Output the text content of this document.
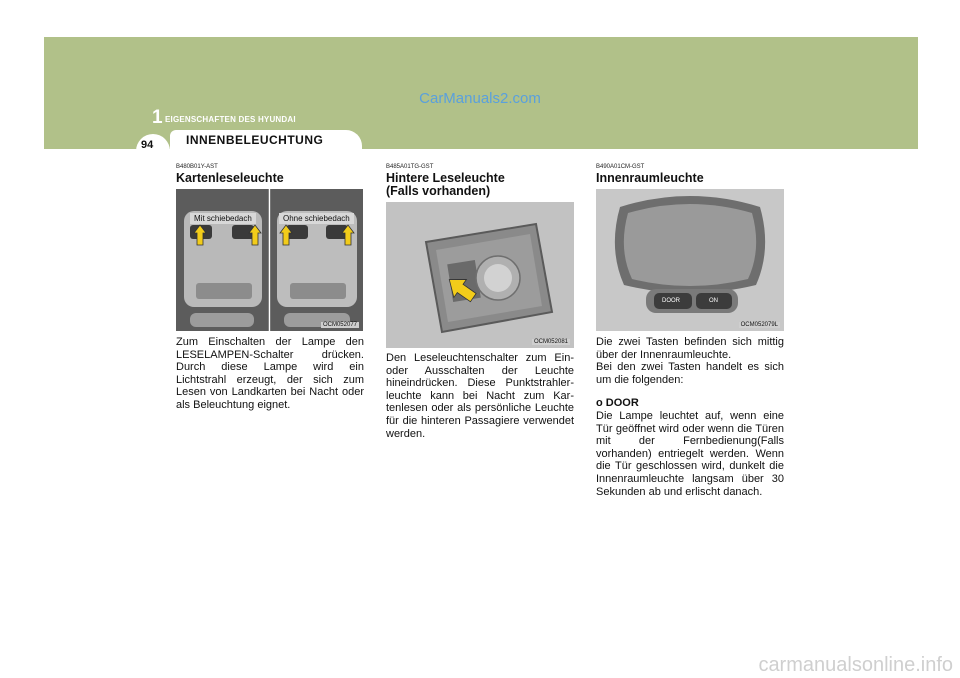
CarManuals2.com
1 EIGENSCHAFTEN DES HYUNDAI
INNENBELEUCHTUNG
94

B480B01Y-AST

Kartenleseleuchte

Mit schiebedach	Ohne schiebedach
OCM052077

Zum Einschalten der Lampe den LESELAMPEN-Schalter drücken. Durch diese Lampe wird ein Lichtstrahl erzeugt, der sich zum Lesen von Landkarten bei Nacht oder als Beleuchtung eignet.

B485A01TG-GST

Hintere Leseleuchte

(Falls vorhanden)

OCM052081

Den Leseleuchtenschalter zum Ein- oder Ausschalten der Leuchte hineindrücken. Diese Punktstrahler-leuchte kann bei Nacht zum Kar-tenlesen oder als persönliche Leuchte für die hinteren Passagiere verwendet werden.

B490A01CM-GST

Innenraumleuchte

DOOR	ON
OCM052079L

Die zwei Tasten befinden sich mittig über der Innenraumleuchte.

Bei den zwei Tasten handelt es sich um die folgenden:

o DOOR

Die Lampe leuchtet auf, wenn eine Tür geöffnet wird oder wenn die Türen mit der Fernbedienung(Falls vorhanden) entriegelt werden. Wenn die Tür geschlossen wird, dunkelt die Innenraumleuchte langsam über 30 Sekunden ab und erlischt danach.

carmanualsonline.info
